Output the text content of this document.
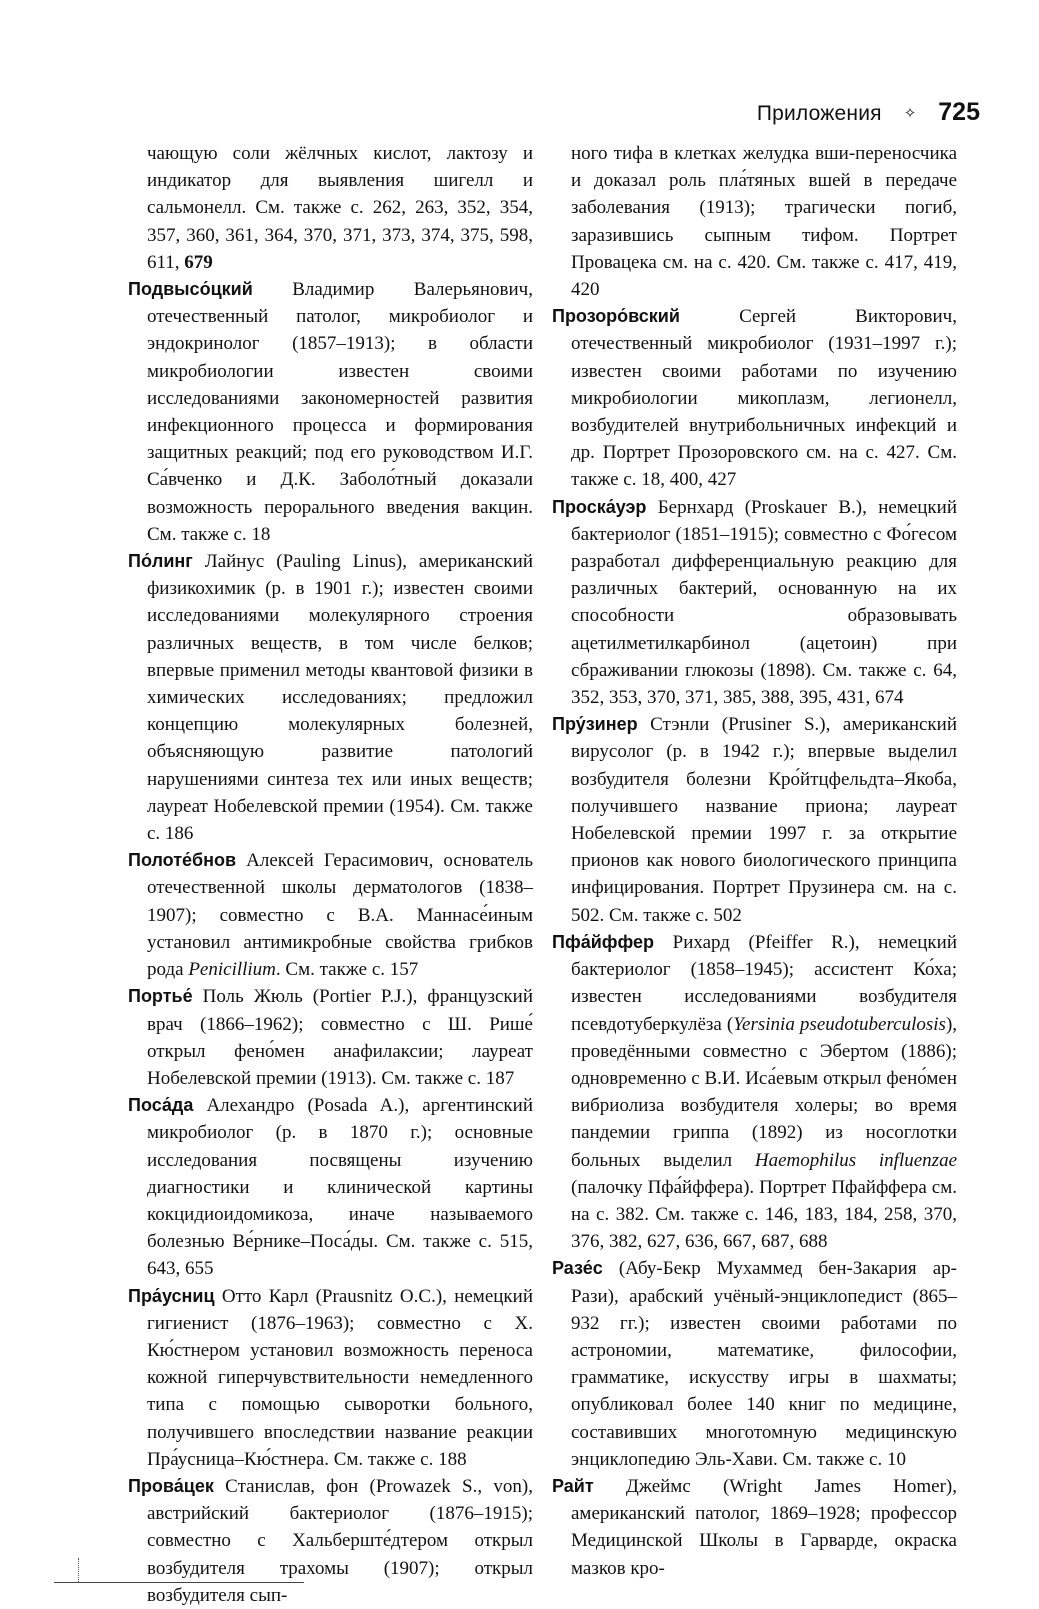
Приложения ✧ 725

чающую соли жёлчных кислот, лактозу и индикатор для выявления шигелл и сальмонелл. См. также с. 262, 263, 352, 354, 357, 360, 361, 364, 370, 371, 373, 374, 375, 598, 611, 679

Подвысо́цкий Владимир Валерьянович, отечественный патолог, микробиолог и эндокринолог (1857–1913); в области микробиологии известен своими исследованиями закономерностей развития инфекционного процесса и формирования защитных реакций; под его руководством И.Г. Са́вченко и Д.К. Заболо́тный доказали возможность перорального введения вакцин. См. также с. 18

По́линг Лайнус (Pauling Linus), американский физикохимик (р. в 1901 г.); известен своими исследованиями молекулярного строения различных веществ, в том числе белков; впервые применил методы квантовой физики в химических исследованиях; предложил концепцию молекулярных болезней, объясняющую развитие патологий нарушениями синтеза тех или иных веществ; лауреат Нобелевской премии (1954). См. также с. 186

Полоте́бнов Алексей Герасимович, основатель отечественной школы дерматологов (1838–1907); совместно с В.А. Маннасе́иным установил антимикробные свойства грибков рода Penicillium. См. также с. 157

Портье́ Поль Жюль (Portier P.J.), французский врач (1866–1962); совместно с Ш. Рише́ открыл фено́мен анафилаксии; лауреат Нобелевской премии (1913). См. также с. 187

Поса́да Алехандро (Posada A.), аргентинский микробиолог (р. в 1870 г.); основные исследования посвящены изучению диагностики и клинической картины кокцидиоидомикоза, иначе называемого болезнью Ве́рнике–Поса́ды. См. также с. 515, 643, 655

Пра́усниц Отто Карл (Prausnitz O.C.), немецкий гигиенист (1876–1963); совместно с Х. Кю́стнером установил возможность переноса кожной гиперчувствительности немедленного типа с помощью сыворотки больного, получившего впоследствии название реакции Пра́усница–Кю́стнера. См. также с. 188

Прова́цек Станислав, фон (Prowazek S., von), австрийский бактериолог (1876–1915); совместно с Хальберште́дтером открыл возбудителя трахомы (1907); открыл возбудителя сып-

ного тифа в клетках желудка вши-переносчика и доказал роль пла́тяных вшей в передаче заболевания (1913); трагически погиб, заразившись сыпным тифом. Портрет Провацека см. на с. 420. См. также с. 417, 419, 420

Прозоро́вский Сергей Викторович, отечественный микробиолог (1931–1997 г.); известен своими работами по изучению микробиологии микоплазм, легионелл, возбудителей внутрибольничных инфекций и др. Портрет Прозоровского см. на с. 427. См. также с. 18, 400, 427

Проска́уэр Бернхард (Proskauer B.), немецкий бактериолог (1851–1915); совместно с Фо́гесом разработал дифференциальную реакцию для различных бактерий, основанную на их способности образовывать ацетилметилкарбинол (ацетоин) при сбраживании глюкозы (1898). См. также с. 64, 352, 353, 370, 371, 385, 388, 395, 431, 674

Пру́зинер Стэнли (Prusiner S.), американский вирусолог (р. в 1942 г.); впервые выделил возбудителя болезни Кро́йтцфельдта–Якоба, получившего название приона; лауреат Нобелевской премии 1997 г. за открытие прионов как нового биологического принципа инфицирования. Портрет Прузинера см. на с. 502. См. также с. 502

Пфа́йффер Рихард (Pfeiffer R.), немецкий бактериолог (1858–1945); ассистент Ко́ха; известен исследованиями возбудителя псевдотуберкулёза (Yersinia pseudotuberculosis), проведёнными совместно с Эбертом (1886); одновременно с В.И. Иса́евым открыл фено́мен вибриолиза возбудителя холеры; во время пандемии гриппа (1892) из носоглотки больных выделил Haemophilus influenzae (палочку Пфа́йффера). Портрет Пфайффера см. на с. 382. См. также с. 146, 183, 184, 258, 370, 376, 382, 627, 636, 667, 687, 688

Разе́с (Абу-Бекр Мухаммед бен-Закария ар-Рази), арабский учёный-энциклопедист (865–932 гг.); известен своими работами по астрономии, математике, философии, грамматике, искусству игры в шахматы; опубликовал более 140 книг по медицине, составивших многотомную медицинскую энциклопедию Эль-Хави. См. также с. 10

Райт Джеймс (Wright James Homer), американский патолог, 1869–1928; профессор Медицинской Школы в Гарварде, окраска мазков кро-
